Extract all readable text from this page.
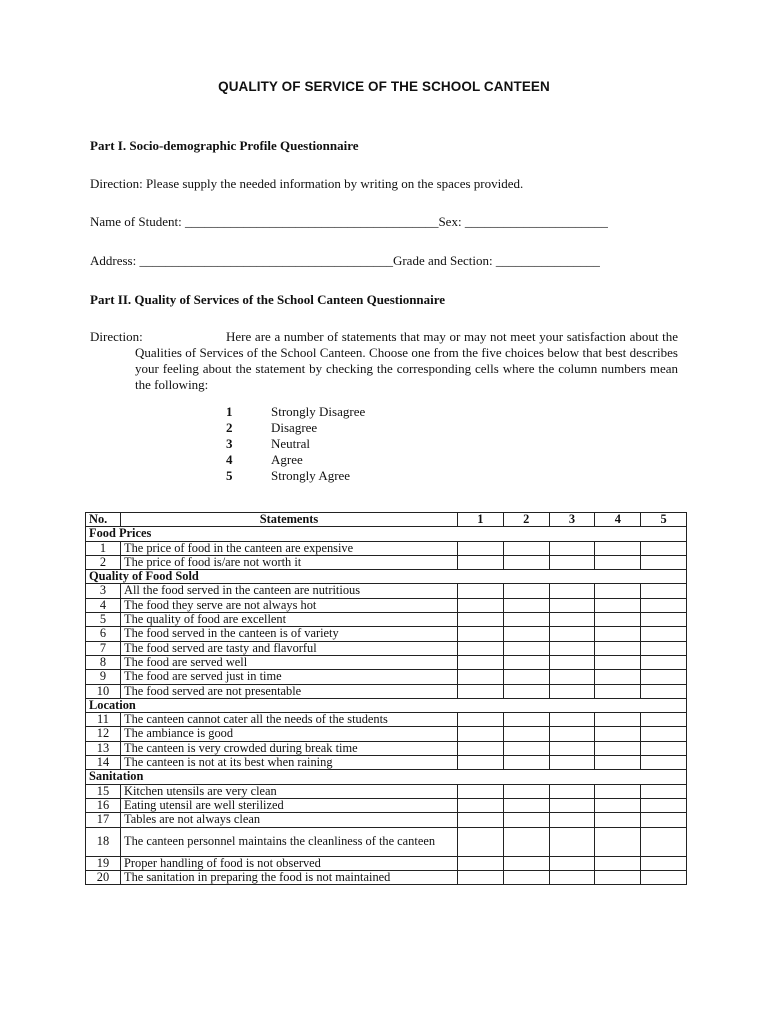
QUALITY OF SERVICE OF THE SCHOOL CANTEEN
Part I. Socio-demographic Profile Questionnaire
Direction: Please supply the needed information by writing on the spaces provided.
Name of Student: _______________________________________Sex: ______________________
Address: _______________________________________Grade and Section: ________________
Part II. Quality of Services of the School Canteen Questionnaire
Direction:	Here are a number of statements that may or may not meet your satisfaction about the Qualities of Services of the School Canteen. Choose one from the five choices below that best describes your feeling about the statement by checking the corresponding cells where the column numbers mean the following:
1	Strongly Disagree
2	Disagree
3	Neutral
4	Agree
5	Strongly Agree
No.	Statements	1	2	3	4	5
Food Prices						
1	The price of food in the canteen are expensive					
2	The price of food is/are not worth it					
Quality of Food Sold						
3	All the food served in the canteen are nutritious					
4	The food they serve are not always hot					
5	The quality of food are excellent					
6	The food served in the canteen is of variety					
7	The food served are tasty and flavorful					
8	The food are served well					
9	The food are served just in time					
10	The food served are not presentable					
Location						
11	The canteen cannot cater all the needs of the students					
12	The ambiance is good					
13	The canteen is very crowded during break time					
14	The canteen is not at its best when raining					
Sanitation						
15	Kitchen utensils are very clean					
16	Eating utensil are well sterilized					
17	Tables are not always clean					
18	The canteen personnel maintains the cleanliness of the canteen					
19	Proper handling of food is not observed					
20	The sanitation in preparing the food is not maintained					
